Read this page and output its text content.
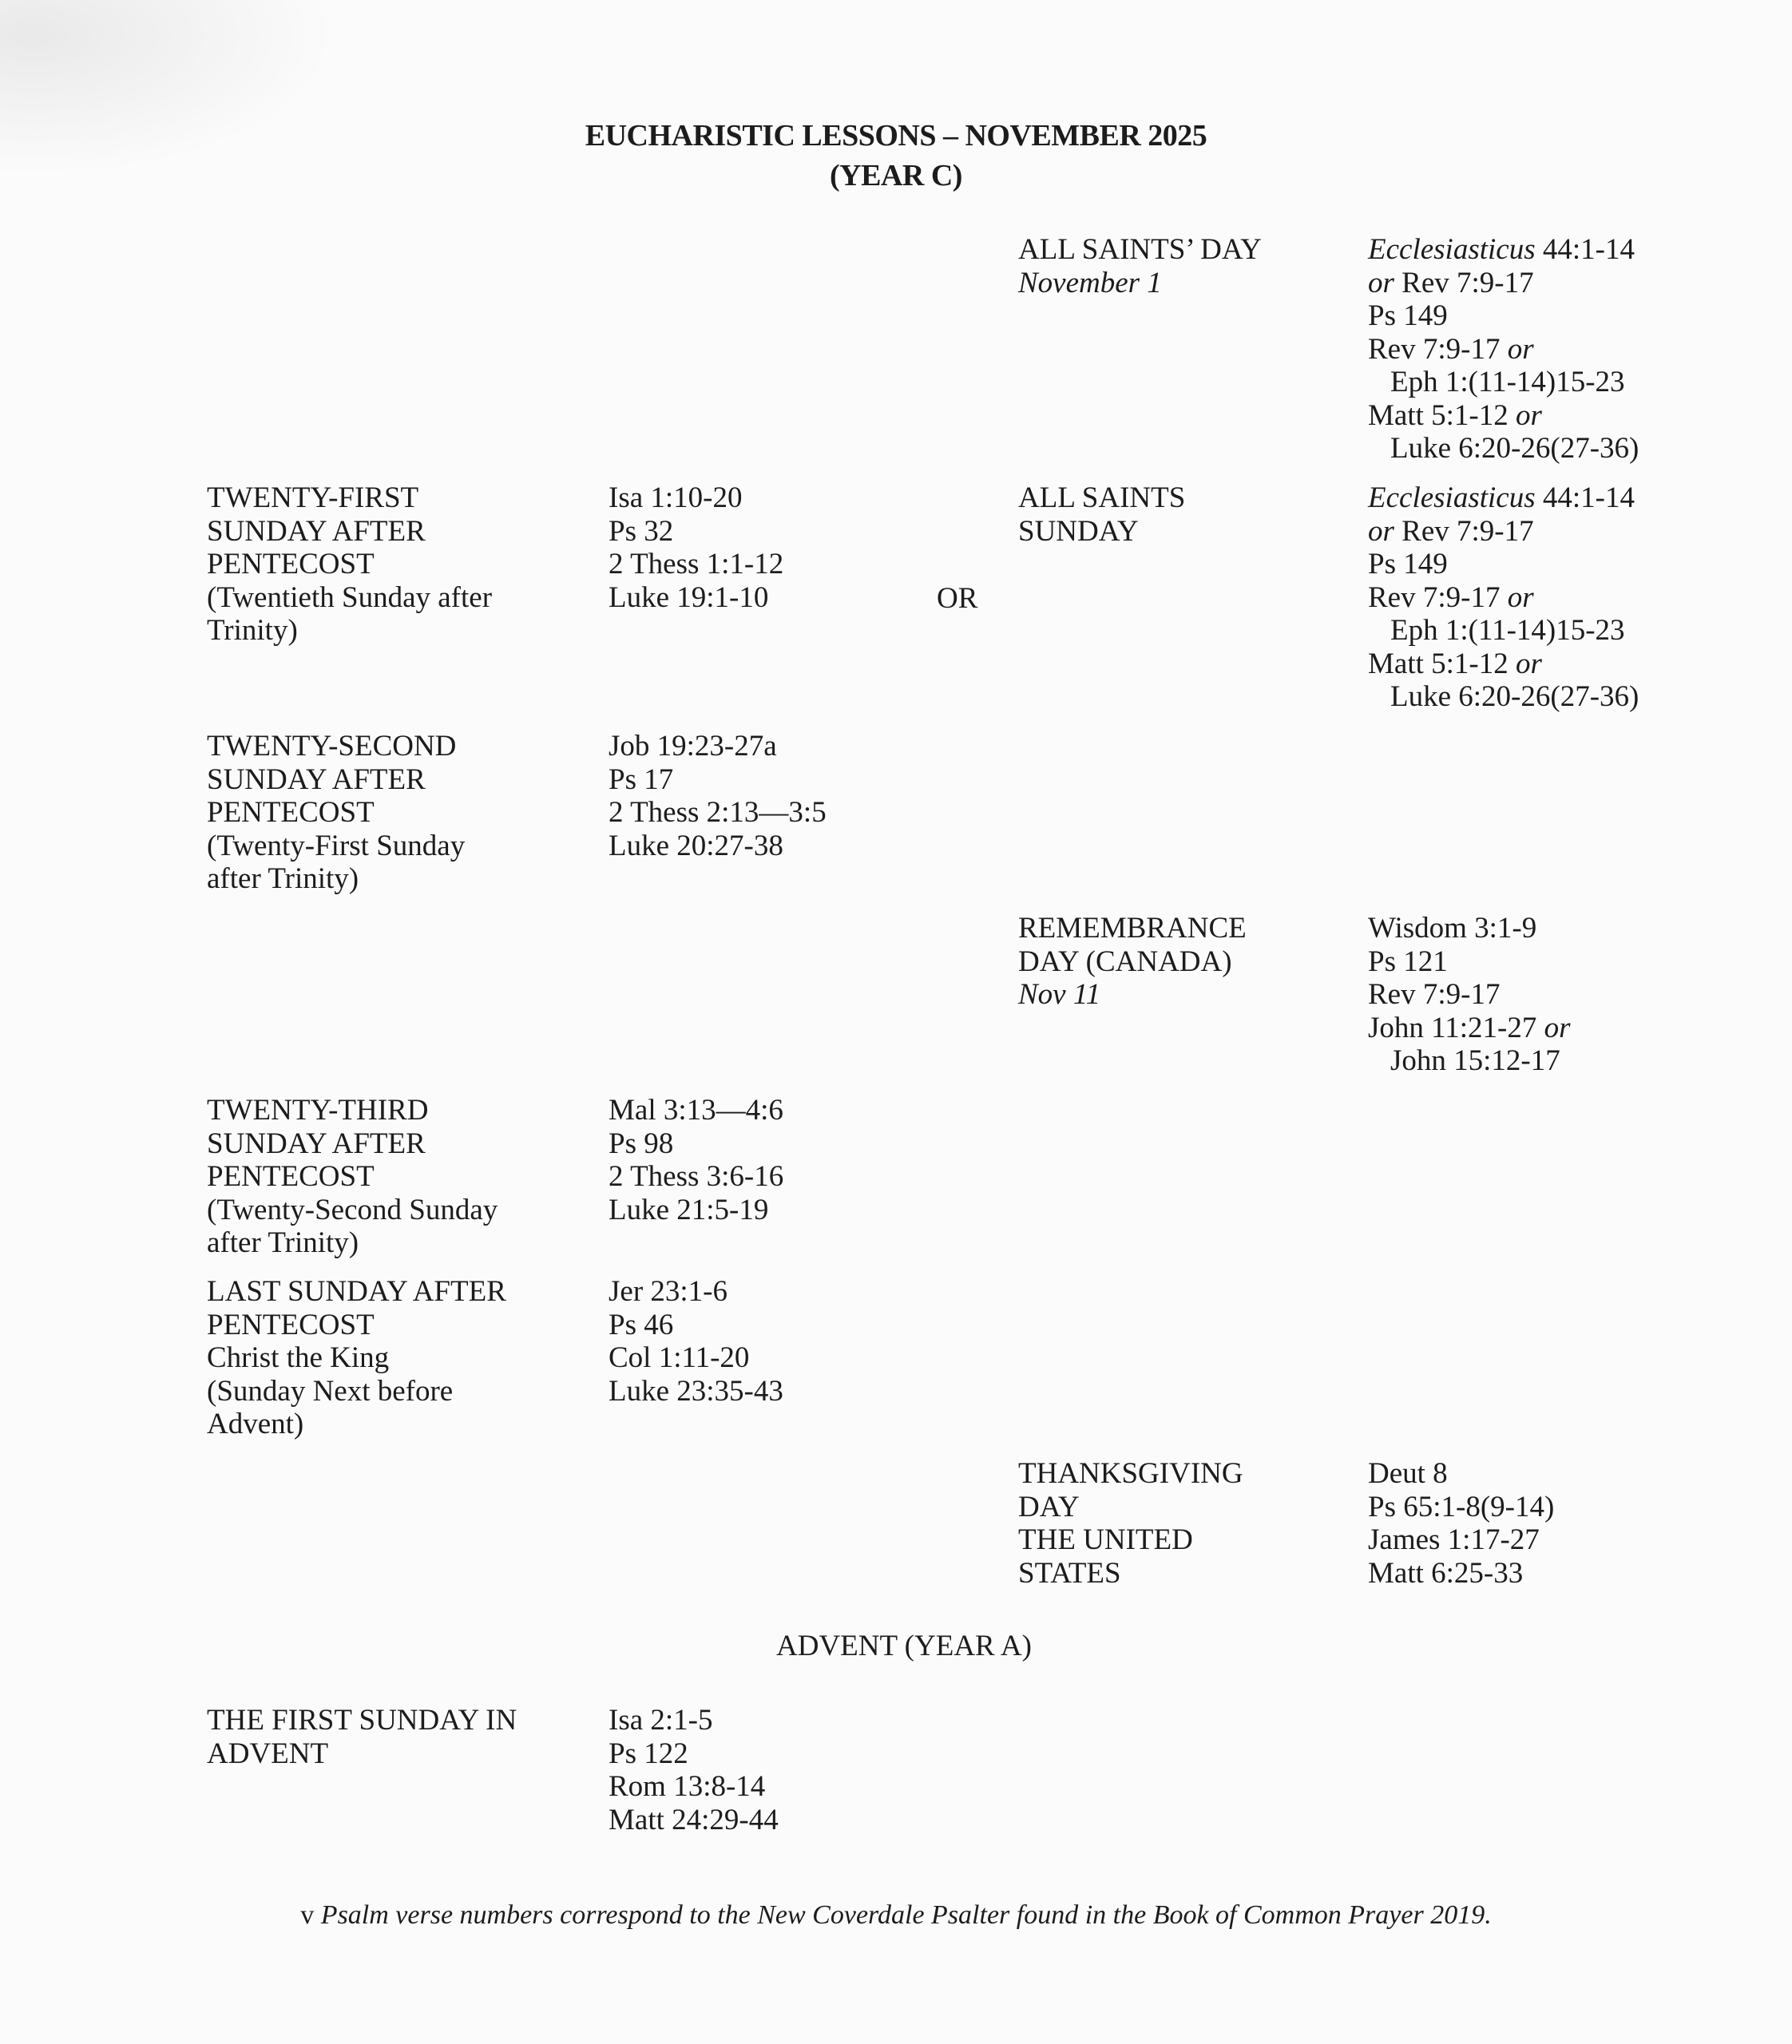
EUCHARISTIC LESSONS – NOVEMBER 2025
(YEAR C)
ALL SAINTS’ DAY
November 1
Ecclesiasticus 44:1-14
or Rev 7:9-17
Ps 149
Rev 7:9-17 or
Eph 1:(11-14)15-23
Matt 5:1-12 or
Luke 6:20-26(27-36)
TWENTY-FIRST
SUNDAY AFTER
PENTECOST
(Twentieth Sunday after
Trinity)
Isa 1:10-20
Ps 32
2 Thess 1:1-12
Luke 19:1-10	OR
ALL SAINTS
SUNDAY
Ecclesiasticus 44:1-14
or Rev 7:9-17
Ps 149
Rev 7:9-17 or
Eph 1:(11-14)15-23
Matt 5:1-12 or
Luke 6:20-26(27-36)
TWENTY-SECOND
SUNDAY AFTER
PENTECOST
(Twenty-First Sunday
after Trinity)
Job 19:23-27a
Ps 17
2 Thess 2:13—3:5
Luke 20:27-38
REMEMBRANCE
DAY (CANADA)
Nov 11
Wisdom 3:1-9
Ps 121
Rev 7:9-17
John 11:21-27 or
John 15:12-17
TWENTY-THIRD
SUNDAY AFTER
PENTECOST
(Twenty-Second Sunday
after Trinity)
Mal 3:13—4:6
Ps 98
2 Thess 3:6-16
Luke 21:5-19
LAST SUNDAY AFTER
PENTECOST
Christ the King
(Sunday Next before
Advent)
Jer 23:1-6
Ps 46
Col 1:11-20
Luke 23:35-43
THANKSGIVING
DAY
THE UNITED
STATES
Deut 8
Ps 65:1-8(9-14)
James 1:17-27
Matt 6:25-33
ADVENT (YEAR A)
THE FIRST SUNDAY IN
ADVENT
Isa 2:1-5
Ps 122
Rom 13:8-14
Matt 24:29-44
v Psalm verse numbers correspond to the New Coverdale Psalter found in the Book of Common Prayer 2019.
